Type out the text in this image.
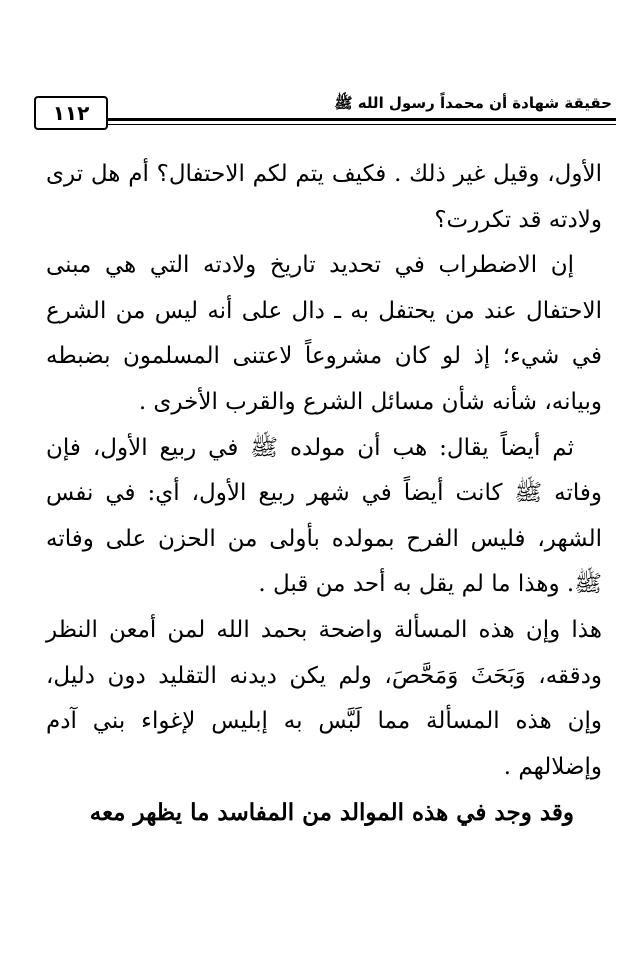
١١٢	حقيقة شهادة أن محمداً رسول الله ﷺ

الأول، وقيل غير ذلك . فكيف يتم لكم الاحتفال؟ أم هل ترى ولادته قد تكررت؟

إن الاضطراب في تحديد تاريخ ولادته التي هي مبنى الاحتفال عند من يحتفل به ـ دال على أنه ليس من الشرع في شيء؛ إذ لو كان مشروعاً لاعتنى المسلمون بضبطه وبيانه، شأنه شأن مسائل الشرع والقرب الأخرى .

ثم أيضاً يقال: هب أن مولده ﷺ في ربيع الأول، فإن وفاته ﷺ كانت أيضاً في شهر ربيع الأول، أي: في نفس الشهر، فليس الفرح بمولده بأولى من الحزن على وفاته ﷺ. وهذا ما لم يقل به أحد من قبل .

هذا وإن هذه المسألة واضحة بحمد الله لمن أمعن النظر ودققه، وَبَحَثَ وَمَحَّصَ، ولم يكن ديدنه التقليد دون دليل، وإن هذه المسألة مما لَبَّس به إبليس لإغواء بني آدم وإضلالهم .

وقد وجد في هذه الموالد من المفاسد ما يظهر معه
